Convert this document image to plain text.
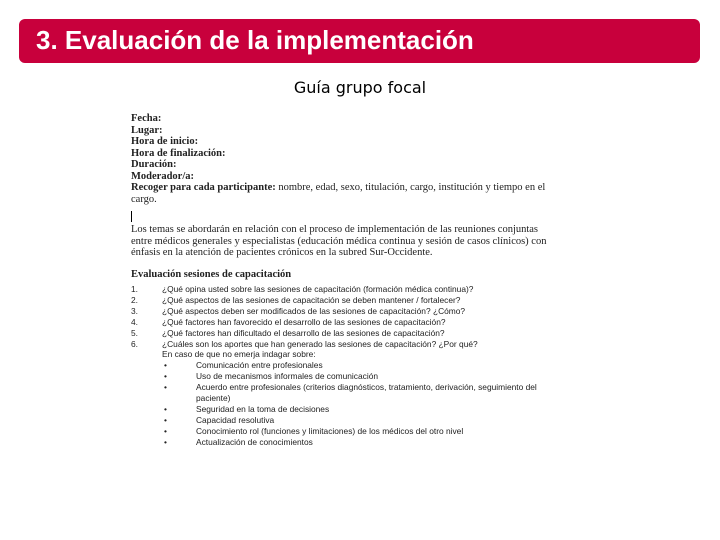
3. Evaluación de la implementación
Guía grupo focal
Fecha:
Lugar:
Hora de inicio:
Hora de finalización:
Duración:
Moderador/a:
Recoger para cada participante: nombre, edad, sexo, titulación, cargo, institución y tiempo en el cargo.

Los temas se abordarán en relación con el proceso de implementación de las reuniones conjuntas entre médicos generales y especialistas (educación médica continua y sesión de casos clínicos) con énfasis en la atención de pacientes crónicos en la subred Sur-Occidente.

Evaluación sesiones de capacitación
1.	¿Qué opina usted sobre las sesiones de capacitación (formación médica continua)?
2.	¿Qué aspectos de las sesiones de capacitación se deben mantener / fortalecer?
3.	¿Qué aspectos deben ser modificados de las sesiones de capacitación? ¿Cómo?
4.	¿Qué factores han favorecido el desarrollo de las sesiones de capacitación?
5.	¿Qué factores han dificultado el desarrollo de las sesiones de capacitación?
6.	¿Cuáles son los aportes que han generado las sesiones de capacitación? ¿Por qué?
En caso de que no emerja indagar sobre:
•	Comunicación entre profesionales
•	Uso de mecanismos informales de comunicación
•	Acuerdo entre profesionales (criterios diagnósticos, tratamiento, derivación, seguimiento del paciente)
•	Seguridad en la toma de decisiones
•	Capacidad resolutiva
•	Conocimiento rol (funciones y limitaciones) de los médicos del otro nivel
•	Actualización de conocimientos
